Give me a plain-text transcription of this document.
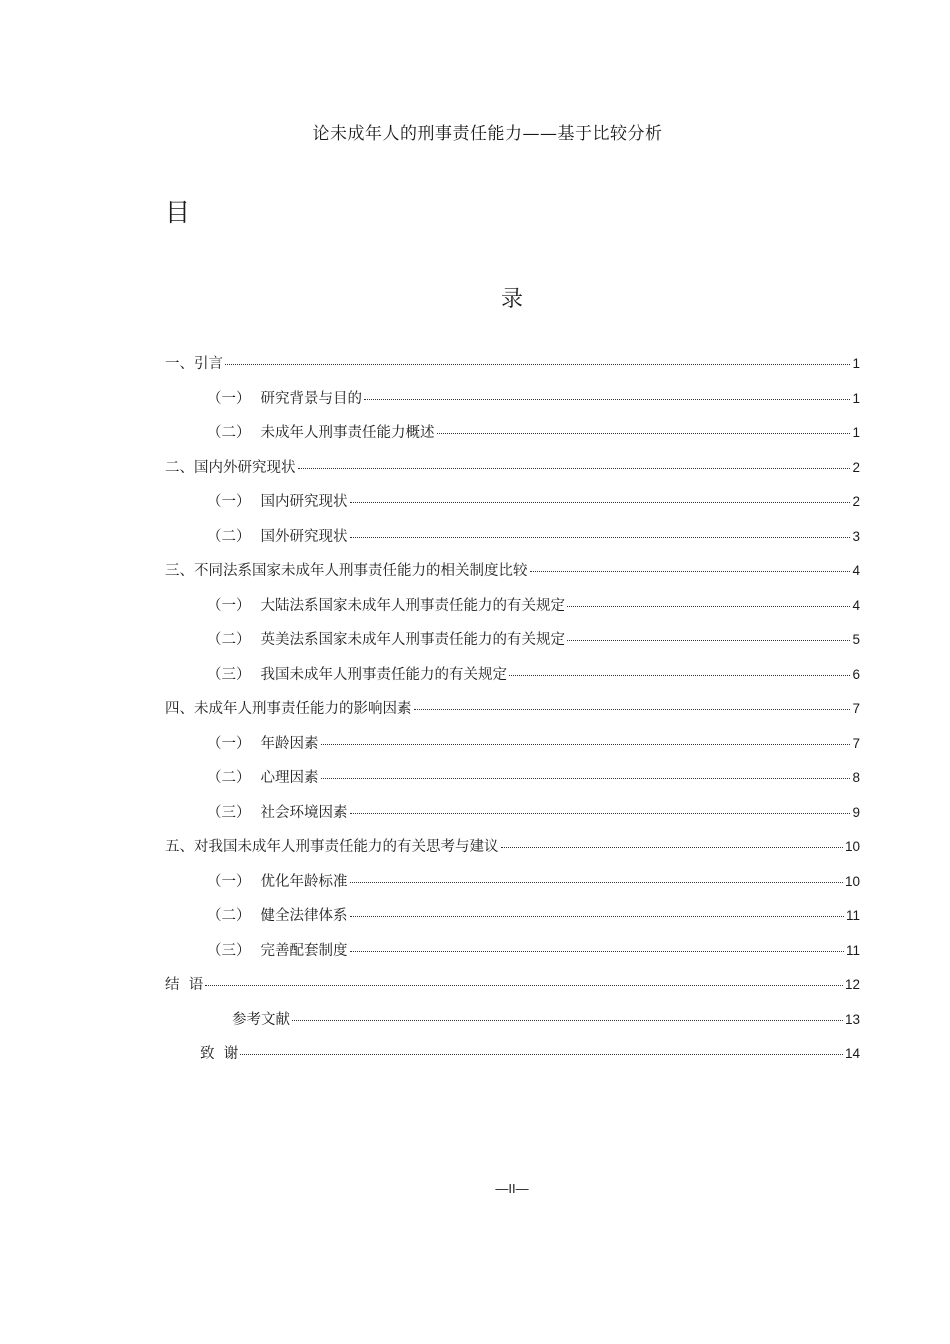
论未成年人的刑事责任能力——基于比较分析
目
录
一、 引言	1
（一） 研究背景与目的	1
（二） 未成年人刑事责任能力概述	1
二、 国内外研究现状	2
（一） 国内研究现状	2
（二） 国外研究现状	3
三、 不同法系国家未成年人刑事责任能力的相关制度比较	4
（一） 大陆法系国家未成年人刑事责任能力的有关规定	4
（二） 英美法系国家未成年人刑事责任能力的有关规定	5
（三） 我国未成年人刑事责任能力的有关规定	6
四、 未成年人刑事责任能力的影响因素	7
（一） 年龄因素	7
（二） 心理因素	8
（三） 社会环境因素	9
五、 对我国未成年人刑事责任能力的有关思考与建议	10
（一） 优化年龄标准	10
（二） 健全法律体系	11
（三） 完善配套制度	11
结  语	12
参考文献	13
致  谢	14
—II—
